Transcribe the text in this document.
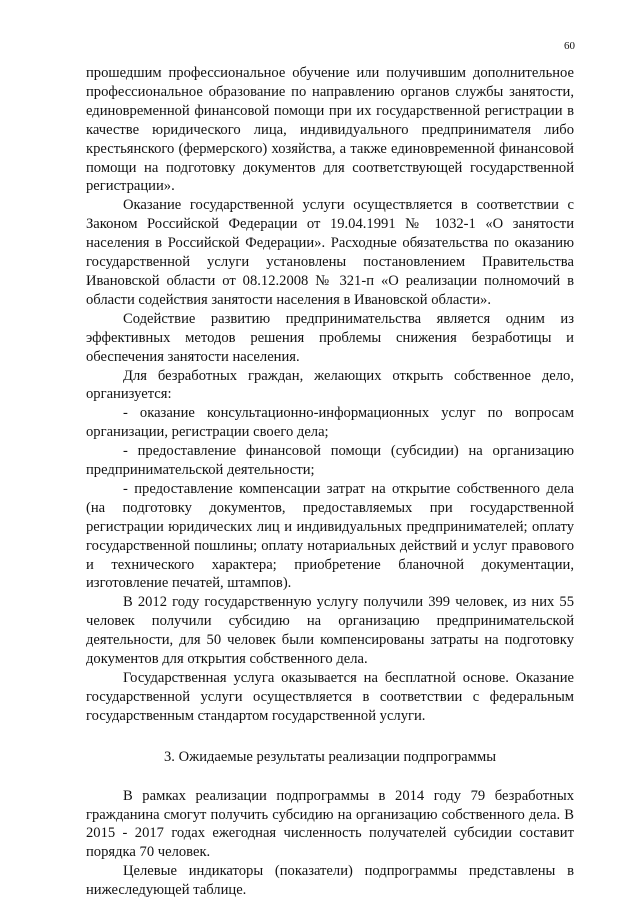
60

прошедшим профессиональное обучение или получившим дополнительное профессиональное образование по направлению органов службы занятости, единовременной финансовой помощи при их государственной регистрации в качестве юридического лица, индивидуального предпринимателя либо крестьянского (фермерского) хозяйства, а также единовременной финансовой помощи на подготовку документов для соответствующей государственной регистрации».

Оказание государственной услуги осуществляется в соответствии с Законом Российской Федерации от 19.04.1991 № 1032-1 «О занятости населения в Российской Федерации». Расходные обязательства по оказанию государственной услуги установлены постановлением Правительства Ивановской области от 08.12.2008 № 321-п «О реализации полномочий в области содействия занятости населения в Ивановской области».

Содействие развитию предпринимательства является одним из эффективных методов решения проблемы снижения безработицы и обеспечения занятости населения.

Для безработных граждан, желающих открыть собственное дело, организуется:

- оказание консультационно-информационных услуг по вопросам организации, регистрации своего дела;

- предоставление финансовой помощи (субсидии) на организацию предпринимательской деятельности;

- предоставление компенсации затрат на открытие собственного дела (на подготовку документов, предоставляемых при государственной регистрации юридических лиц и индивидуальных предпринимателей; оплату государственной пошлины; оплату нотариальных действий и услуг правового и технического характера; приобретение бланочной документации, изготовление печатей, штампов).

В 2012 году государственную услугу получили 399 человек, из них 55 человек получили субсидию на организацию предпринимательской деятельности, для 50 человек были компенсированы затраты на подготовку документов для открытия собственного дела.

Государственная услуга оказывается на бесплатной основе. Оказание государственной услуги осуществляется в соответствии с федеральным государственным стандартом государственной услуги.

3. Ожидаемые результаты реализации подпрограммы

В рамках реализации подпрограммы в 2014 году 79 безработных гражданина смогут получить субсидию на организацию собственного дела. В 2015 - 2017 годах ежегодная численность получателей субсидии составит порядка 70 человек.

Целевые индикаторы (показатели) подпрограммы представлены в нижеследующей таблице.
